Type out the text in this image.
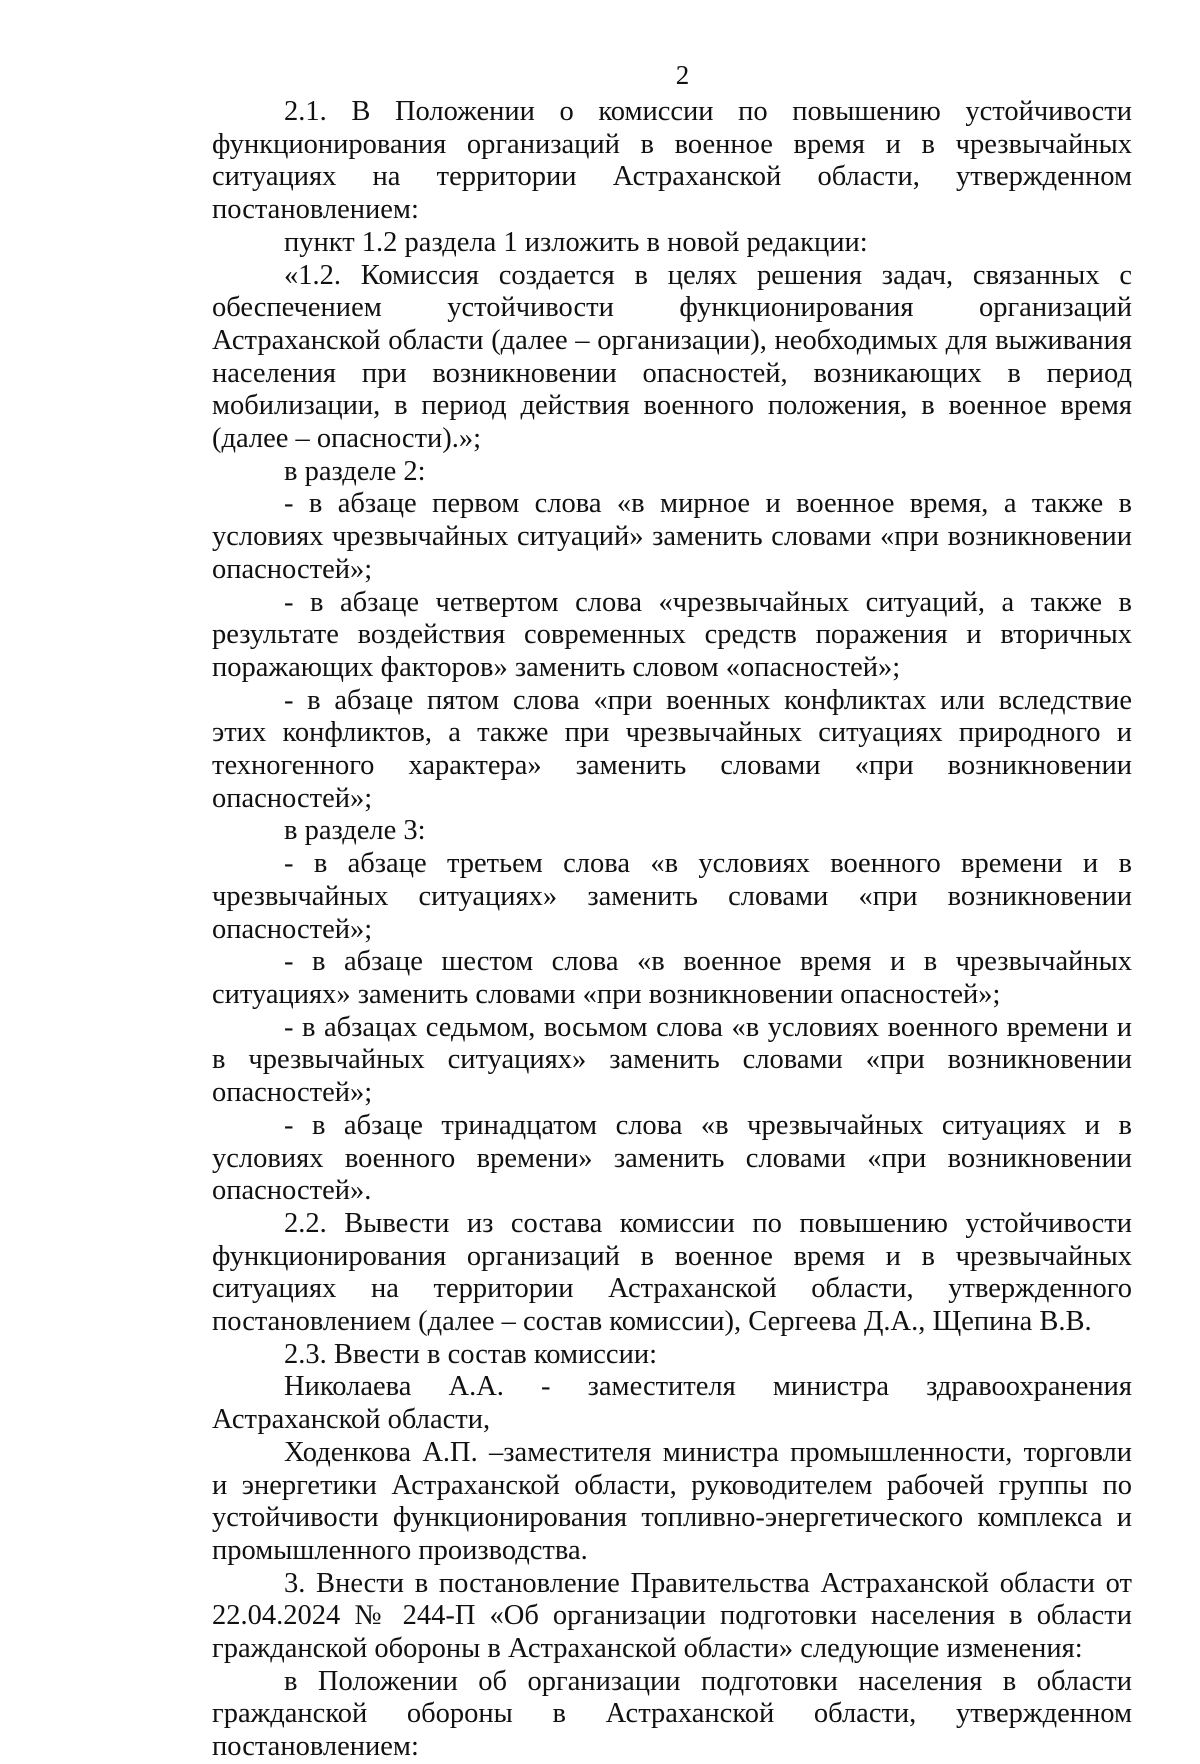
2

2.1. В Положении о комиссии по повышению устойчивости функционирования организаций в военное время и в чрезвычайных ситуациях на территории Астраханской области, утвержденном постановлением:

пункт 1.2 раздела 1 изложить в новой редакции:

«1.2. Комиссия создается в целях решения задач, связанных с обеспечением устойчивости функционирования организаций Астраханской области (далее – организации), необходимых для выживания населения при возникновении опасностей, возникающих в период мобилизации, в период действия военного положения, в военное время (далее – опасности).»;

в разделе 2:

- в абзаце первом слова «в мирное и военное время, а также в условиях чрезвычайных ситуаций» заменить словами «при возникновении опасностей»;

- в абзаце четвертом слова «чрезвычайных ситуаций, а также в результате воздействия современных средств поражения и вторичных поражающих факторов» заменить словом «опасностей»;

- в абзаце пятом слова «при военных конфликтах или вследствие этих конфликтов, а также при чрезвычайных ситуациях природного и техногенного характера» заменить словами «при возникновении опасностей»;

в разделе 3:

- в абзаце третьем слова «в условиях военного времени и в чрезвычайных ситуациях» заменить словами «при возникновении опасностей»;

- в абзаце шестом слова «в военное время и в чрезвычайных ситуациях» заменить словами «при возникновении опасностей»;

- в абзацах седьмом, восьмом слова «в условиях военного времени и в чрезвычайных ситуациях» заменить словами «при возникновении опасностей»;

- в абзаце тринадцатом слова «в чрезвычайных ситуациях и в условиях военного времени» заменить словами «при возникновении опасностей».

2.2. Вывести из состава комиссии по повышению устойчивости функционирования организаций в военное время и в чрезвычайных ситуациях на территории Астраханской области, утвержденного постановлением (далее – состав комиссии), Сергеева Д.А., Щепина В.В.

2.3. Ввести в состав комиссии:

Николаева А.А. - заместителя министра здравоохранения Астраханской области,

Ходенкова А.П. –заместителя министра промышленности, торговли и энергетики Астраханской области, руководителем рабочей группы по устойчивости функционирования топливно-энергетического комплекса и промышленного производства.

3. Внести в постановление Правительства Астраханской области от 22.04.2024 № 244-П «Об организации подготовки населения в области гражданской обороны в Астраханской области» следующие изменения:

в Положении об организации подготовки населения в области гражданской обороны в Астраханской области, утвержденном постановлением:
